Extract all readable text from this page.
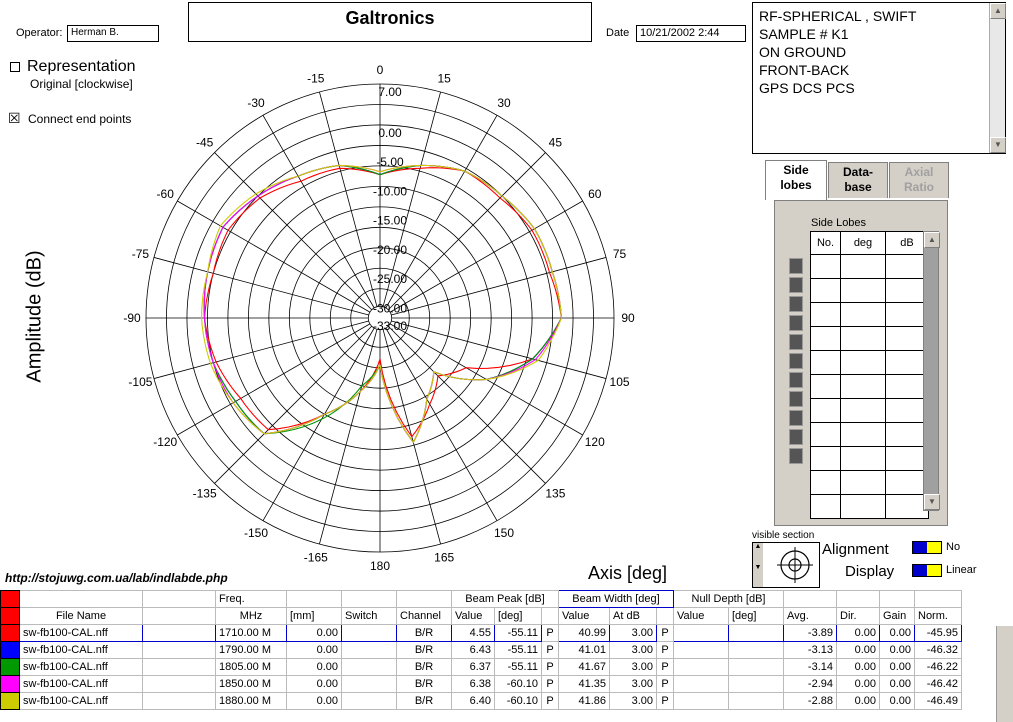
Operator: Herman B.
Galtronics
Date 10/21/2002 2:44
RF-SPHERICAL , SWIFT
SAMPLE # K1
ON GROUND
FRONT-BACK
GPS DCS PCS
▲
▼
Representation
Original [clockwise]
☒ Connect end points
Amplitude (dB)
0
15
30
45
60
75
90
105
120
135
150
165
180
-165
-150
-135
-120
-105
-90
-75
-60
-45
-30
-15
7.00
0.00
-5.00
-10.00
-15.00
-20.00
-25.00
-30.00
-33.00
http://stojuwg.com.ua/lab/indlabde.php	Axis [deg]
Side
lobes
Data-
base
Axial
Ratio
Side Lobes
No.	deg	dB

			▲
▼
visible section
▲

▼
Alignment
Display
No
Linear
			Freq.				Beam Peak [dB]			Beam Width [deg]			Null Depth [dB]					
	File Name		MHz	[mm]	Switch	Channel	Value	[deg]		Value	At dB		Value	[deg]	Avg.	Dir.	Gain	Norm.
	sw-fb100-CAL.nff		1710.00 M	0.00		B/R	4.55	-55.11	P	40.99	3.00	P			-3.89	0.00	0.00	-45.95
	sw-fb100-CAL.nff		1790.00 M	0.00		B/R	6.43	-55.11	P	41.01	3.00	P			-3.13	0.00	0.00	-46.32
	sw-fb100-CAL.nff		1805.00 M	0.00		B/R	6.37	-55.11	P	41.67	3.00	P			-3.14	0.00	0.00	-46.22
	sw-fb100-CAL.nff		1850.00 M	0.00		B/R	6.38	-60.10	P	41.35	3.00	P			-2.94	0.00	0.00	-46.42
	sw-fb100-CAL.nff		1880.00 M	0.00		B/R	6.40	-60.10	P	41.86	3.00	P			-2.88	0.00	0.00	-46.49
